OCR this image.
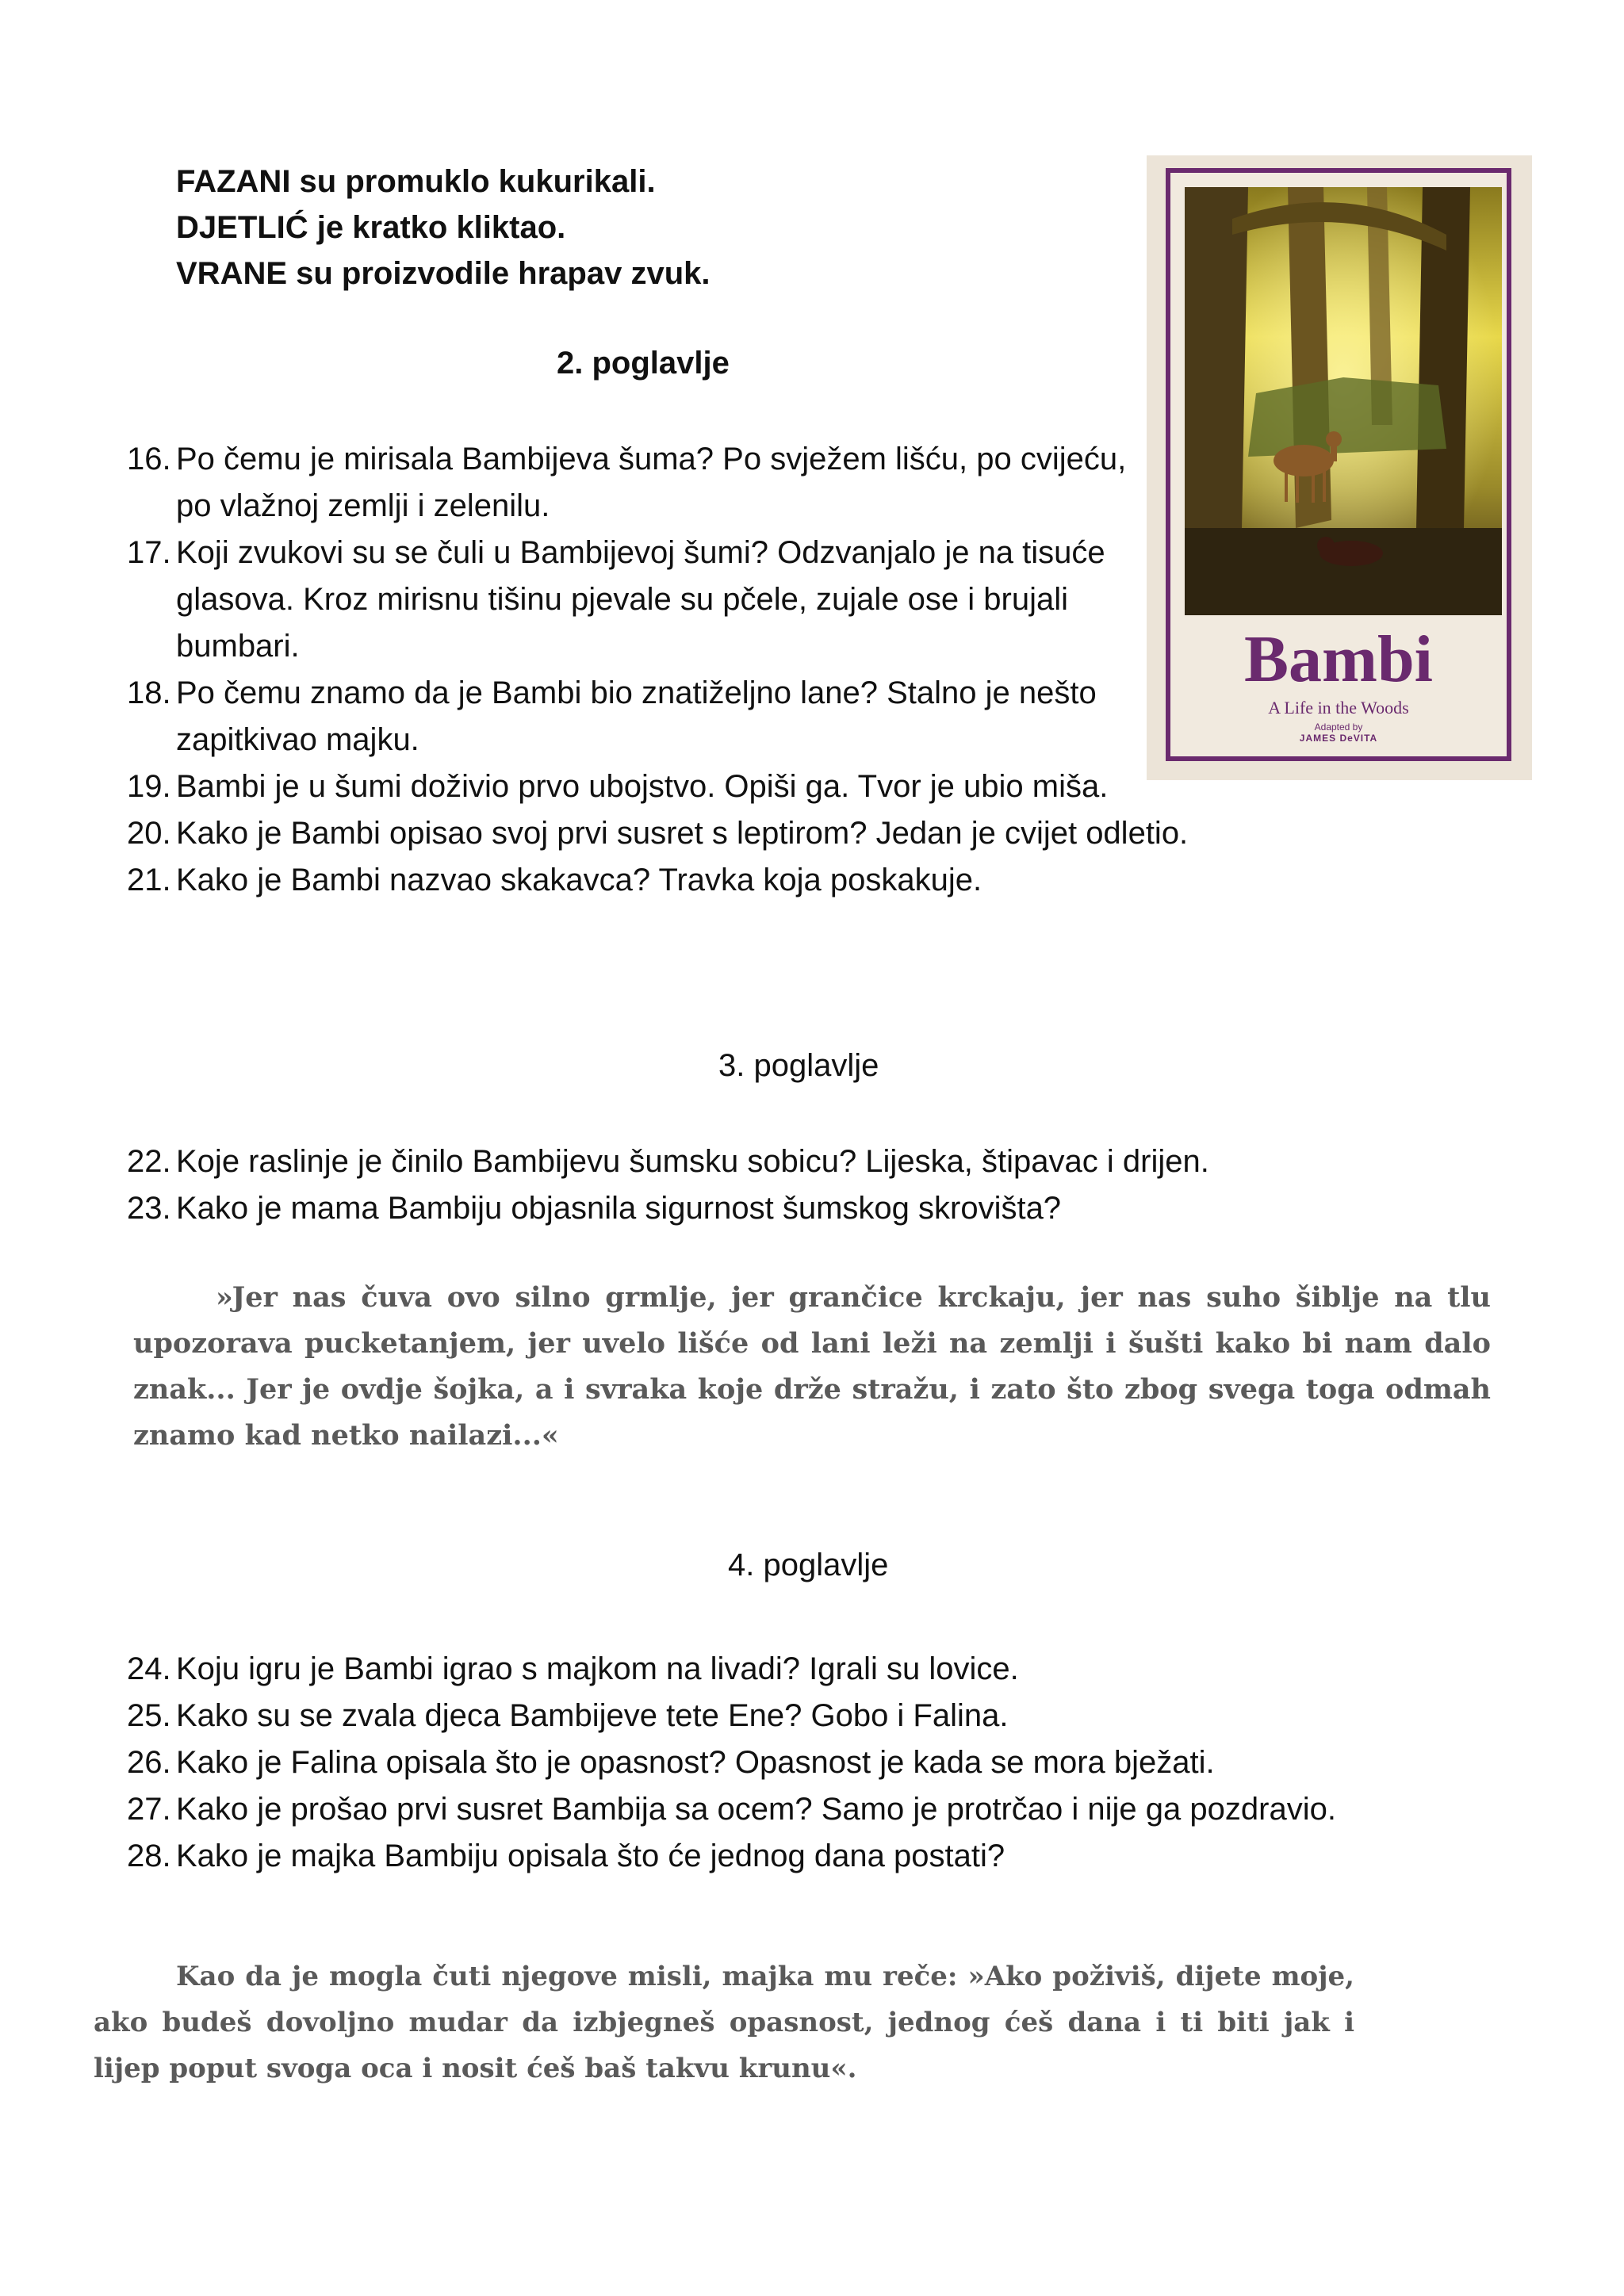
FAZANI su promuklo kukurikali.
DJETLIĆ je kratko kliktao.
VRANE su proizvodile hrapav zvuk.
Bambi
A Life in the Woods
Adapted by
JAMES DeVITA
2. poglavlje
16. Po čemu je mirisala Bambijeva šuma? Po svježem lišću, po cvijeću, po vlažnoj zemlji i zelenilu.
17. Koji zvukovi su se čuli u Bambijevoj šumi? Odzvanjalo je na tisuće glasova. Kroz mirisnu tišinu pjevale su pčele, zujale ose i brujali bumbari.
18. Po čemu znamo da je Bambi bio znatiželjno lane? Stalno je nešto zapitkivao majku.
19. Bambi je u šumi doživio prvo ubojstvo. Opiši ga. Tvor je ubio miša.
20. Kako je Bambi opisao svoj prvi susret s leptirom? Jedan je cvijet odletio.
21. Kako je Bambi nazvao skakavca? Travka koja poskakuje.
3. poglavlje
22. Koje raslinje je činilo Bambijevu šumsku sobicu? Lijeska, štipavac i drijen.
23. Kako je mama Bambiju objasnila sigurnost šumskog skrovišta?
»Jer nas čuva ovo silno grmlje, jer grančice krckaju, jer nas suho šiblje na tlu upozorava pucketanjem, jer uvelo lišće od lani leži na zemlji i šušti kako bi nam dalo znak... Jer je ovdje šojka, a i svraka koje drže stražu, i zato što zbog svega toga odmah znamo kad netko nailazi...«
4. poglavlje
24. Koju igru je Bambi igrao s majkom na livadi? Igrali su lovice.
25. Kako su se zvala djeca Bambijeve tete Ene? Gobo i Falina.
26. Kako je Falina opisala što je opasnost? Opasnost je kada se mora bježati.
27. Kako je prošao prvi susret Bambija sa ocem? Samo je protrčao i nije ga pozdravio.
28. Kako je majka Bambiju opisala što će jednog dana postati?
Kao da je mogla čuti njegove misli, majka mu reče: »Ako poživiš, dijete moje, ako budeš dovoljno mudar da izbjegneš opasnost, jednog ćeš dana i ti biti jak i lijep poput svoga oca i nosit ćeš baš takvu krunu«.
